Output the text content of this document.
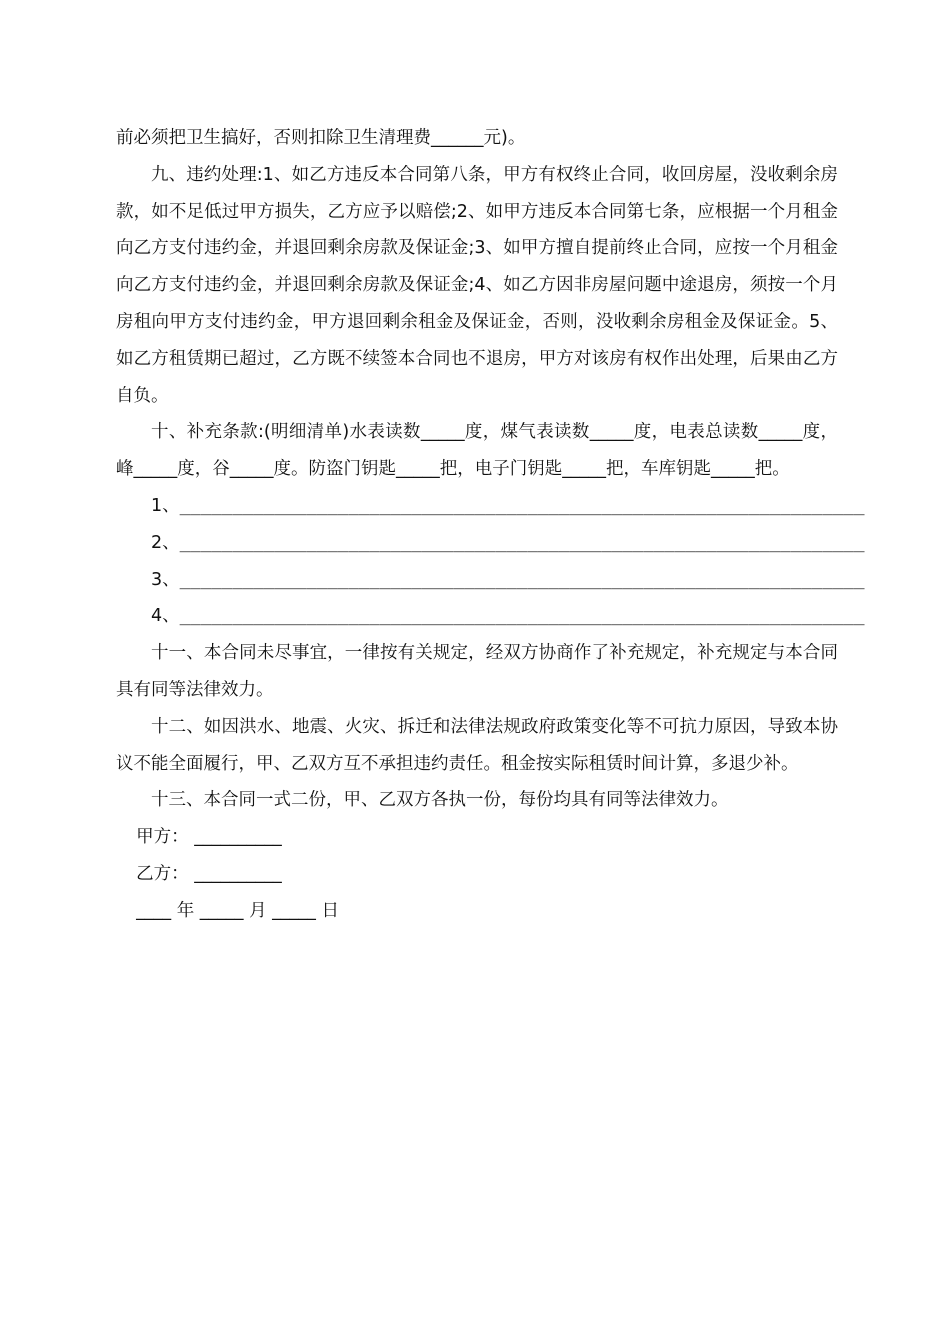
前必须把卫生搞好，否则扣除卫生清理费______元)。

九、违约处理:1、如乙方违反本合同第八条，甲方有权终止合同，收回房屋，没收剩余房款，如不足低过甲方损失，乙方应予以赔偿;2、如甲方违反本合同第七条，应根据一个月租金向乙方支付违约金，并退回剩余房款及保证金;3、如甲方擅自提前终止合同，应按一个月租金向乙方支付违约金，并退回剩余房款及保证金;4、如乙方因非房屋问题中途退房，须按一个月房租向甲方支付违约金，甲方退回剩余租金及保证金，否则，没收剩余房租金及保证金。5、如乙方租赁期已超过，乙方既不续签本合同也不退房，甲方对该房有权作出处理，后果由乙方自负。

十、补充条款:(明细清单)水表读数_____度，煤气表读数_____度，电表总读数_____度，峰_____度，谷_____度。防盗门钥匙_____把，电子门钥匙_____把，车库钥匙_____把。

1、_________________________________________________________________

2、_________________________________________________________________

3、_________________________________________________________________

4、_________________________________________________________________

十一、本合同未尽事宜，一律按有关规定，经双方协商作了补充规定，补充规定与本合同具有同等法律效力。

十二、如因洪水、地震、火灾、拆迁和法律法规政府政策变化等不可抗力原因，导致本协议不能全面履行，甲、乙双方互不承担违约责任。租金按实际租赁时间计算，多退少补。

十三、本合同一式二份，甲、乙双方各执一份，每份均具有同等法律效力。

甲方： __________

乙方： __________

____ 年 _____ 月 _____ 日
